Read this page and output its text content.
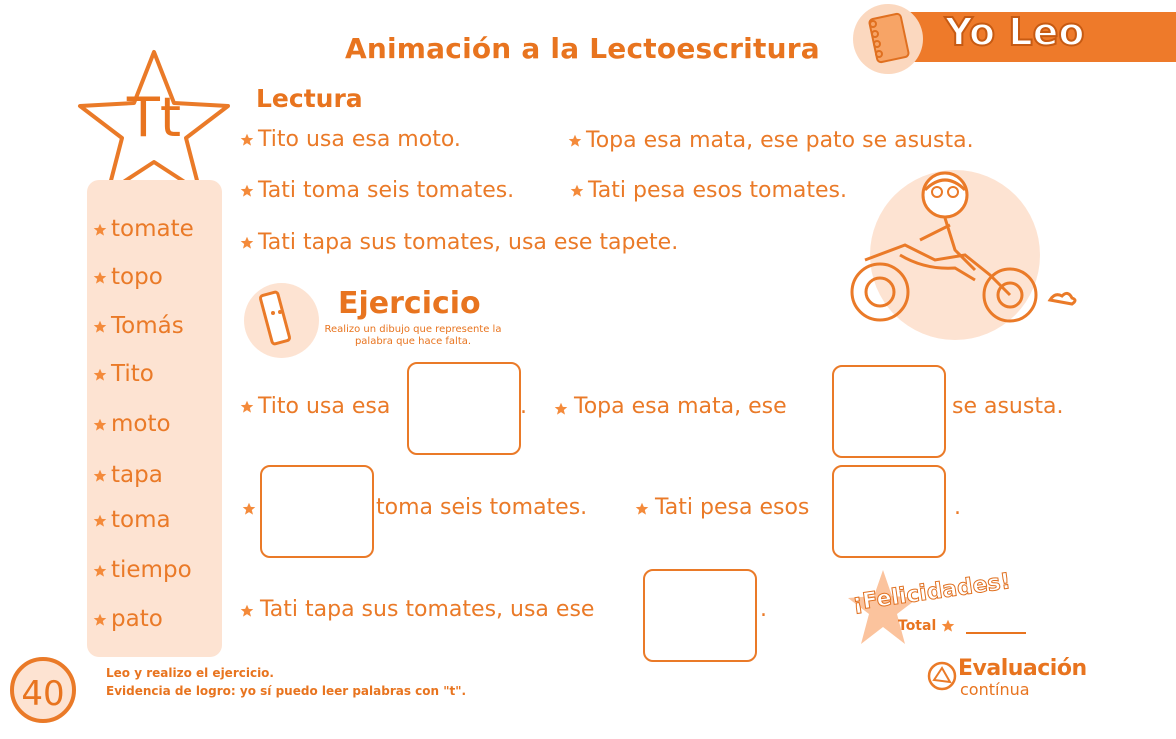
Animación a la Lectoescritura	Yo Leo
Tt
tomate
topo
Tomás
Tito
moto
tapa
toma
tiempo
pato
Lectura
Tito usa esa moto.	Topa esa mata, ese pato se asusta.
Tati toma seis tomates.	Tati pesa esos tomates.
Tati tapa sus tomates, usa ese tapete.
Ejercicio
Realizo un dibujo que represente la palabra que hace falta.
Tito usa esa	. Topa esa mata, ese	se asusta.
toma seis tomates.	Tati pesa esos	.
Tati tapa sus tomates, usa ese	.	¡Felicidades!
Total
Evaluación
contínua
40
Leo y realizo el ejercicio.
Evidencia de logro: yo sí puedo leer palabras con "t".
